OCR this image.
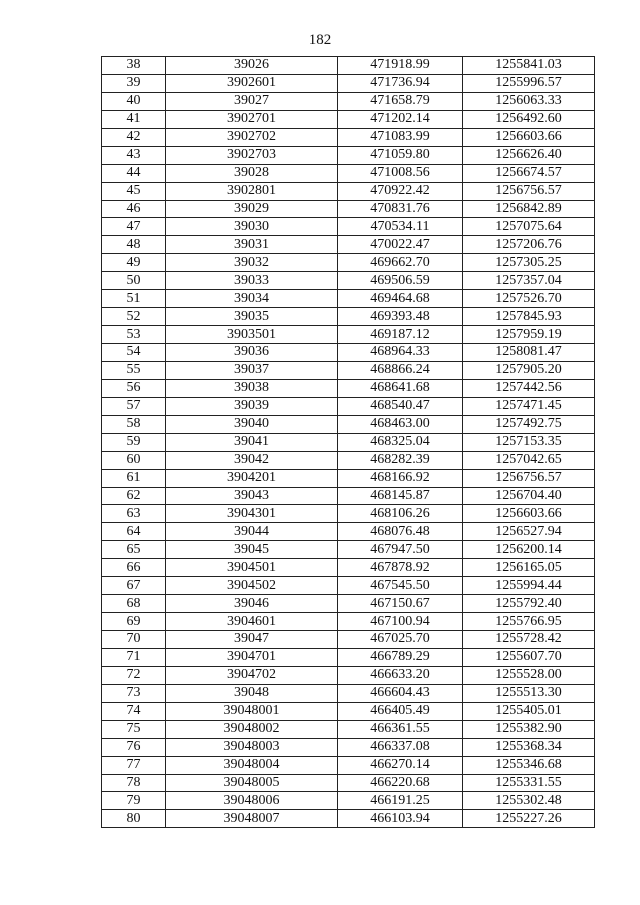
182
38	39026	471918.99	1255841.03
39	3902601	471736.94	1255996.57
40	39027	471658.79	1256063.33
41	3902701	471202.14	1256492.60
42	3902702	471083.99	1256603.66
43	3902703	471059.80	1256626.40
44	39028	471008.56	1256674.57
45	3902801	470922.42	1256756.57
46	39029	470831.76	1256842.89
47	39030	470534.11	1257075.64
48	39031	470022.47	1257206.76
49	39032	469662.70	1257305.25
50	39033	469506.59	1257357.04
51	39034	469464.68	1257526.70
52	39035	469393.48	1257845.93
53	3903501	469187.12	1257959.19
54	39036	468964.33	1258081.47
55	39037	468866.24	1257905.20
56	39038	468641.68	1257442.56
57	39039	468540.47	1257471.45
58	39040	468463.00	1257492.75
59	39041	468325.04	1257153.35
60	39042	468282.39	1257042.65
61	3904201	468166.92	1256756.57
62	39043	468145.87	1256704.40
63	3904301	468106.26	1256603.66
64	39044	468076.48	1256527.94
65	39045	467947.50	1256200.14
66	3904501	467878.92	1256165.05
67	3904502	467545.50	1255994.44
68	39046	467150.67	1255792.40
69	3904601	467100.94	1255766.95
70	39047	467025.70	1255728.42
71	3904701	466789.29	1255607.70
72	3904702	466633.20	1255528.00
73	39048	466604.43	1255513.30
74	39048001	466405.49	1255405.01
75	39048002	466361.55	1255382.90
76	39048003	466337.08	1255368.34
77	39048004	466270.14	1255346.68
78	39048005	466220.68	1255331.55
79	39048006	466191.25	1255302.48
80	39048007	466103.94	1255227.26
